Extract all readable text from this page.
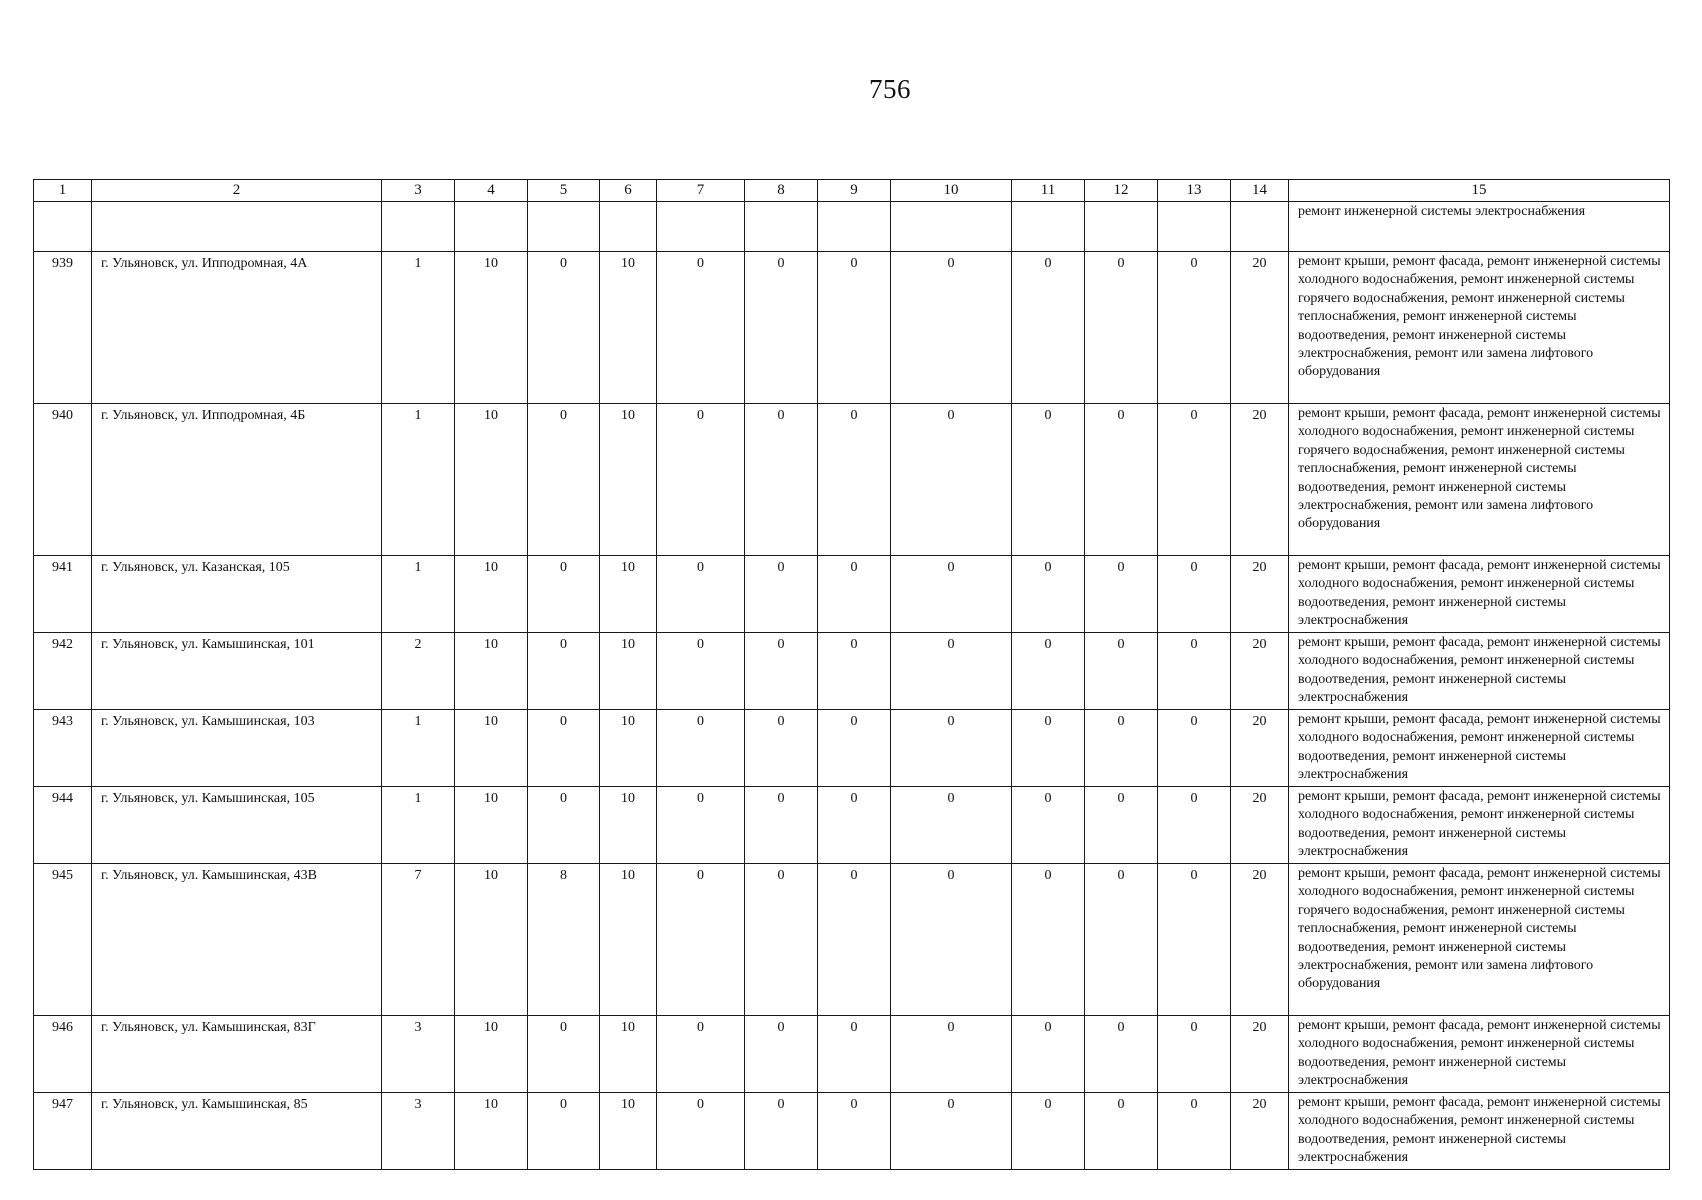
756
1	2	3	4	5	6	7	8	9	10	11	12	13	14	15
														ремонт инженерной системы электроснабжения
939	г. Ульяновск, ул. Ипподромная, 4А	1	10	0	10	0	0	0	0	0	0	0	20	ремонт крыши, ремонт фасада, ремонт инженерной системы холодного водоснабжения, ремонт инженерной системы горячего водоснабжения, ремонт инженерной системы теплоснабжения, ремонт инженерной системы водоотведения, ремонт инженерной системы электроснабжения, ремонт или замена лифтового оборудования
940	г. Ульяновск, ул. Ипподромная, 4Б	1	10	0	10	0	0	0	0	0	0	0	20	ремонт крыши, ремонт фасада, ремонт инженерной системы холодного водоснабжения, ремонт инженерной системы горячего водоснабжения, ремонт инженерной системы теплоснабжения, ремонт инженерной системы водоотведения, ремонт инженерной системы электроснабжения, ремонт или замена лифтового оборудования
941	г. Ульяновск, ул. Казанская, 105	1	10	0	10	0	0	0	0	0	0	0	20	ремонт крыши, ремонт фасада, ремонт инженерной системы холодного водоснабжения, ремонт инженерной системы водоотведения, ремонт инженерной системы электроснабжения
942	г. Ульяновск, ул. Камышинская, 101	2	10	0	10	0	0	0	0	0	0	0	20	ремонт крыши, ремонт фасада, ремонт инженерной системы холодного водоснабжения, ремонт инженерной системы водоотведения, ремонт инженерной системы электроснабжения
943	г. Ульяновск, ул. Камышинская, 103	1	10	0	10	0	0	0	0	0	0	0	20	ремонт крыши, ремонт фасада, ремонт инженерной системы холодного водоснабжения, ремонт инженерной системы водоотведения, ремонт инженерной системы электроснабжения
944	г. Ульяновск, ул. Камышинская, 105	1	10	0	10	0	0	0	0	0	0	0	20	ремонт крыши, ремонт фасада, ремонт инженерной системы холодного водоснабжения, ремонт инженерной системы водоотведения, ремонт инженерной системы электроснабжения
945	г. Ульяновск, ул. Камышинская, 43В	7	10	8	10	0	0	0	0	0	0	0	20	ремонт крыши, ремонт фасада, ремонт инженерной системы холодного водоснабжения, ремонт инженерной системы горячего водоснабжения, ремонт инженерной системы теплоснабжения, ремонт инженерной системы водоотведения, ремонт инженерной системы электроснабжения, ремонт или замена лифтового оборудования
946	г. Ульяновск, ул. Камышинская, 83Г	3	10	0	10	0	0	0	0	0	0	0	20	ремонт крыши, ремонт фасада, ремонт инженерной системы холодного водоснабжения, ремонт инженерной системы водоотведения, ремонт инженерной системы электроснабжения
947	г. Ульяновск, ул. Камышинская, 85	3	10	0	10	0	0	0	0	0	0	0	20	ремонт крыши, ремонт фасада, ремонт инженерной системы холодного водоснабжения, ремонт инженерной системы водоотведения, ремонт инженерной системы электроснабжения
